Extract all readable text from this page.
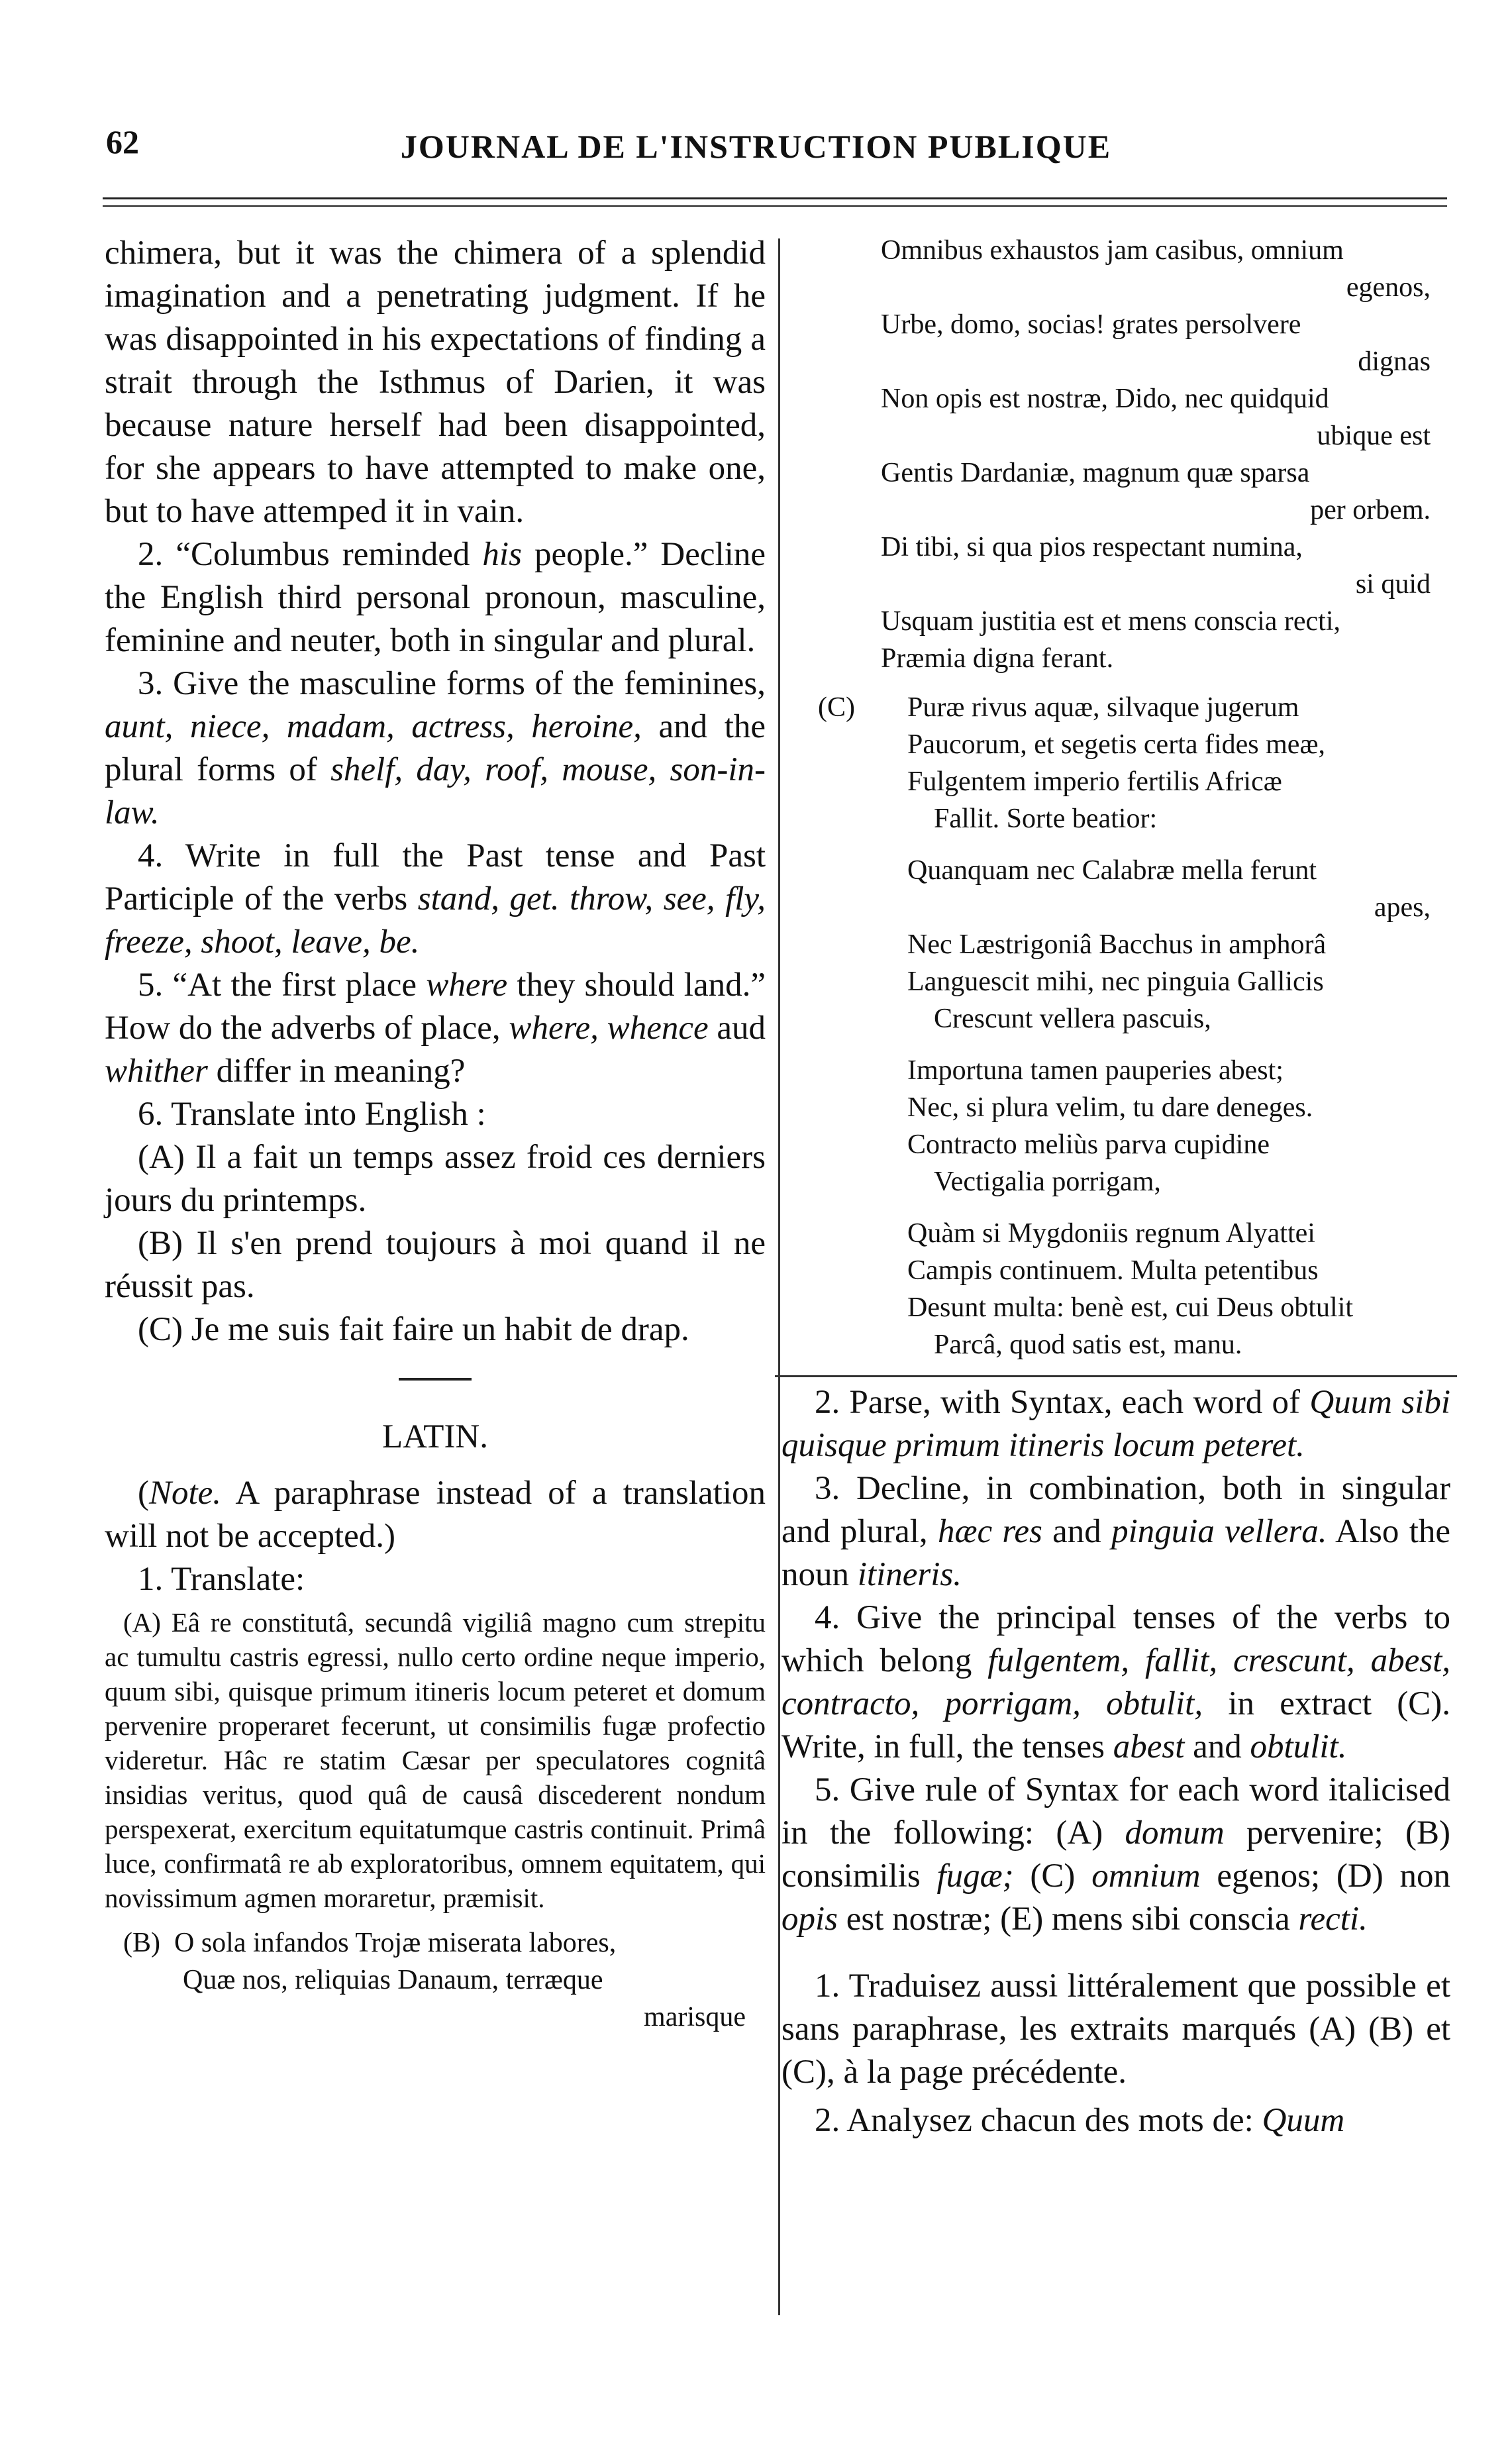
62	JOURNAL DE L'INSTRUCTION PUBLIQUE

chimera, but it was the chimera of a splendid imagination and a penetrating judgment. If he was disappointed in his expectations of finding a strait through the Isthmus of Darien, it was because nature herself had been disappointed, for she appears to have attempted to make one, but to have attemped it in vain.

2. “Columbus reminded his people.” Decline the English third personal pronoun, masculine, feminine and neuter, both in singular and plural.

3. Give the masculine forms of the feminines, aunt, niece, madam, actress, heroine, and the plural forms of shelf, day, roof, mouse, son-in-law.

4. Write in full the Past tense and Past Participle of the verbs stand, get. throw, see, fly, freeze, shoot, leave, be.

5. “At the first place where they should land.” How do the adverbs of place, where, whence aud whither differ in meaning?

6. Translate into English :

(A) Il a fait un temps assez froid ces derniers jours du printemps.

(B) Il s'en prend toujours à moi quand il ne réussit pas.

(C) Je me suis fait faire un habit de drap.

LATIN.

(Note. A paraphrase instead of a translation will not be accepted.)

1. Translate:

(A) Eâ re constitutâ, secundâ vigiliâ magno cum strepitu ac tumultu castris egressi, nullo certo ordine neque imperio, quum sibi, quisque primum itineris locum peteret et domum pervenire properaret fecerunt, ut consimilis fugæ profectio videretur. Hâc re statim Cæsar per speculatores cognitâ insidias veritus, quod quâ de causâ discederent nondum perspexerat, exercitum equitatumque castris continuit. Primâ luce, confirmatâ re ab exploratoribus, omnem equitatem, qui novissimum agmen moraretur, præmisit.

(B) O sola infandos Trojæ miserata labores,
Quæ nos, reliquias Danaum, terræque
marisque
Omnibus exhaustos jam casibus, omnium
egenos,
Urbe, domo, socias! grates persolvere
dignas
Non opis est nostræ, Dido, nec quidquid
ubique est
Gentis Dardaniæ, magnum quæ sparsa
per orbem.
Di tibi, si qua pios respectant numina,
si quid
Usquam justitia est et mens conscia recti,
Præmia digna ferant.
(C) Puræ rivus aquæ, silvaque jugerum
Paucorum, et segetis certa fides meæ,
Fulgentem imperio fertilis Africæ
Fallit. Sorte beatior:
Quanquam nec Calabræ mella ferunt
apes,
Nec Læstrigoniâ Bacchus in amphorâ
Languescit mihi, nec pinguia Gallicis
Crescunt vellera pascuis,
Importuna tamen pauperies abest;
Nec, si plura velim, tu dare deneges.
Contracto meliùs parva cupidine
Vectigalia porrigam,
Quàm si Mygdoniis regnum Alyattei
Campis continuem. Multa petentibus
Desunt multa: benè est, cui Deus obtulit
Parcâ, quod satis est, manu.

2. Parse, with Syntax, each word of Quum sibi quisque primum itineris locum peteret.

3. Decline, in combination, both in singular and plural, hæc res and pinguia vellera. Also the noun itineris.

4. Give the principal tenses of the verbs to which belong fulgentem, fallit, crescunt, abest, contracto, porrigam, obtulit, in extract (C). Write, in full, the tenses abest and obtulit.

5. Give rule of Syntax for each word italicised in the following: (A) domum pervenire; (B) consimilis fugæ; (C) omnium egenos; (D) non opis est nostræ; (E) mens sibi conscia recti.

1. Traduisez aussi littéralement que possible et sans paraphrase, les extraits marqués (A) (B) et (C), à la page précédente.

2. Analysez chacun des mots de: Quum
